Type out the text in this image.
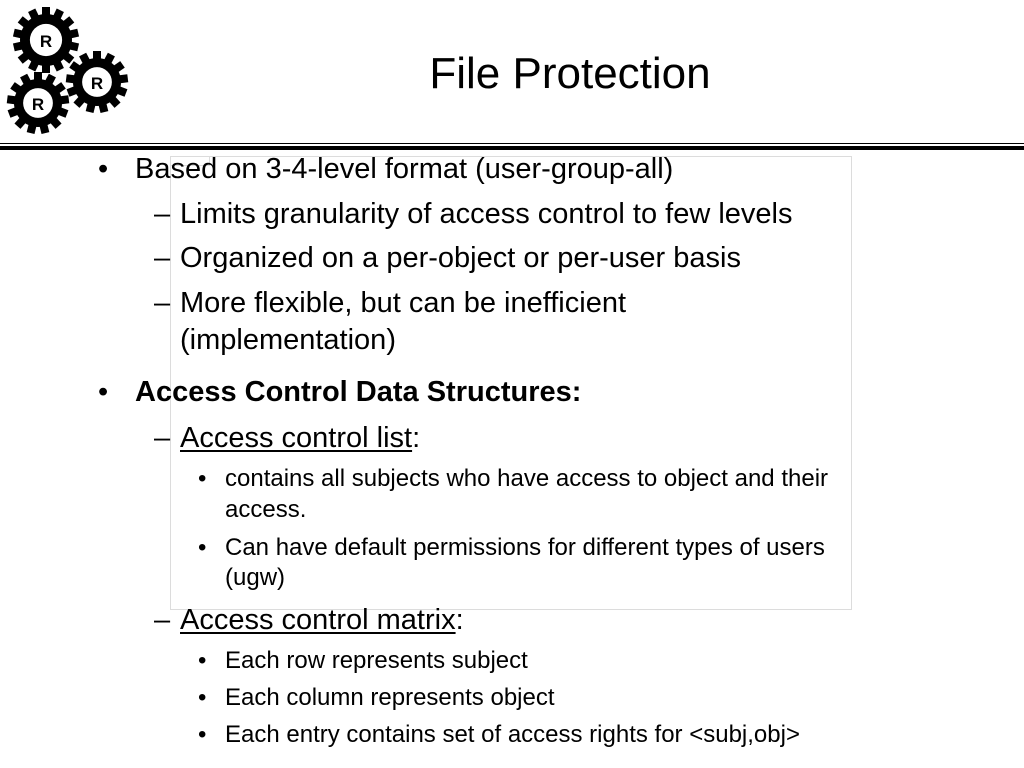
R
R
R
File Protection
• Based on 3-4-level format (user-group-all)
– Limits granularity of access control to few levels
– Organized on a per-object or per-user basis
– More flexible, but can be inefficient
(implementation)
• Access Control Data Structures:
– Access control list:
• contains all subjects who have access to object and their
access.
• Can have default permissions for different types of users
(ugw)
– Access control matrix:
• Each row represents subject
• Each column represents object
• Each entry contains set of access rights for <subj,obj>
